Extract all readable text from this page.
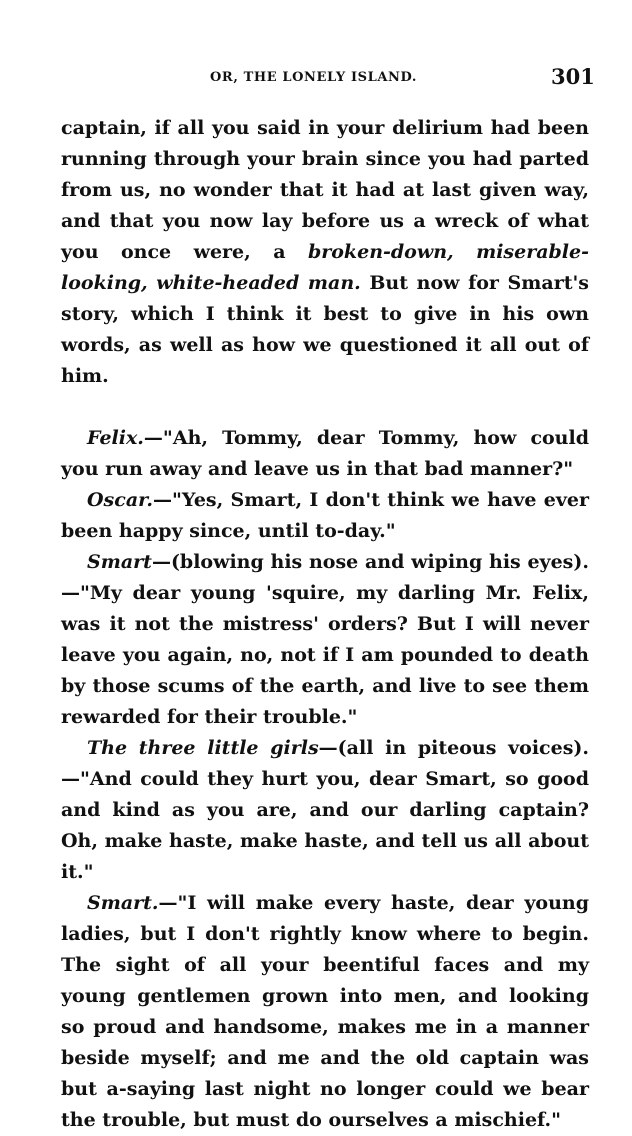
OR, THE LONELY ISLAND.	301

captain, if all you said in your delirium had been running through your brain since you had parted from us, no wonder that it had at last given way, and that you now lay before us a wreck of what you once were, a broken-down, miserable-looking, white-headed man. But now for Smart's story, which I think it best to give in his own words, as well as how we questioned it all out of him.

Felix.—"Ah, Tommy, dear Tommy, how could you run away and leave us in that bad manner?"

Oscar.—"Yes, Smart, I don't think we have ever been happy since, until to-day."

Smart—(blowing his nose and wiping his eyes).—"My dear young 'squire, my darling Mr. Felix, was it not the mistress' orders? But I will never leave you again, no, not if I am pounded to death by those scums of the earth, and live to see them rewarded for their trouble."

The three little girls—(all in piteous voices).—"And could they hurt you, dear Smart, so good and kind as you are, and our darling captain? Oh, make haste, make haste, and tell us all about it."

Smart.—"I will make every haste, dear young ladies, but I don't rightly know where to begin. The sight of all your beentiful faces and my young gentlemen grown into men, and looking so proud and handsome, makes me in a manner beside myself; and me and the old captain was but a-saying last night no longer could we bear the trouble, but must do ourselves a mischief."
